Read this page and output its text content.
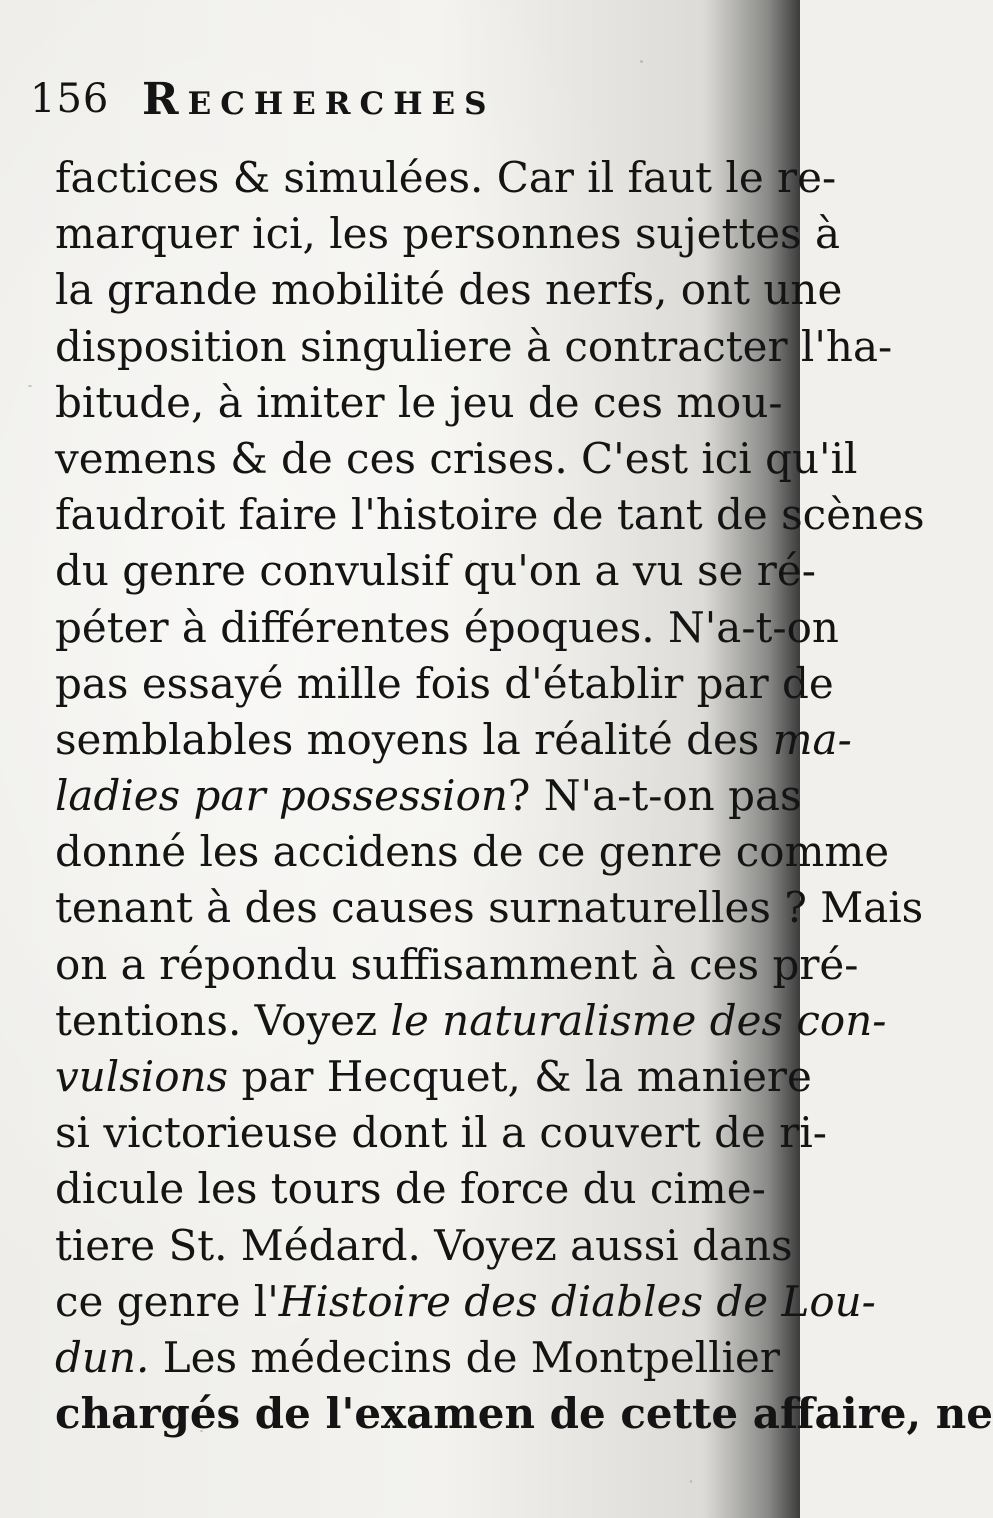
156 Recherches
factices & simulées. Car il faut le re-
marquer ici, les personnes sujettes à
la grande mobilité des nerfs, ont une
disposition singuliere à contracter l'ha-
bitude, à imiter le jeu de ces mou-
vemens & de ces crises. C'est ici qu'il
faudroit faire l'histoire de tant de scènes
du genre convulsif qu'on a vu se ré-
péter à différentes époques. N'a-t-on
pas essayé mille fois d'établir par de
semblables moyens la réalité des ma-
ladies par possession? N'a-t-on pas
donné les accidens de ce genre comme
tenant à des causes surnaturelles ? Mais
on a répondu suffisamment à ces pré-
tentions. Voyez le naturalisme des con-
vulsions par Hecquet, & la maniere
si victorieuse dont il a couvert de ri-
dicule les tours de force du cime-
tiere St. Médard. Voyez aussi dans
ce genre l'Histoire des diables de Lou-
dun. Les médecins de Montpellier
chargés de l'examen de cette affaire, ne
